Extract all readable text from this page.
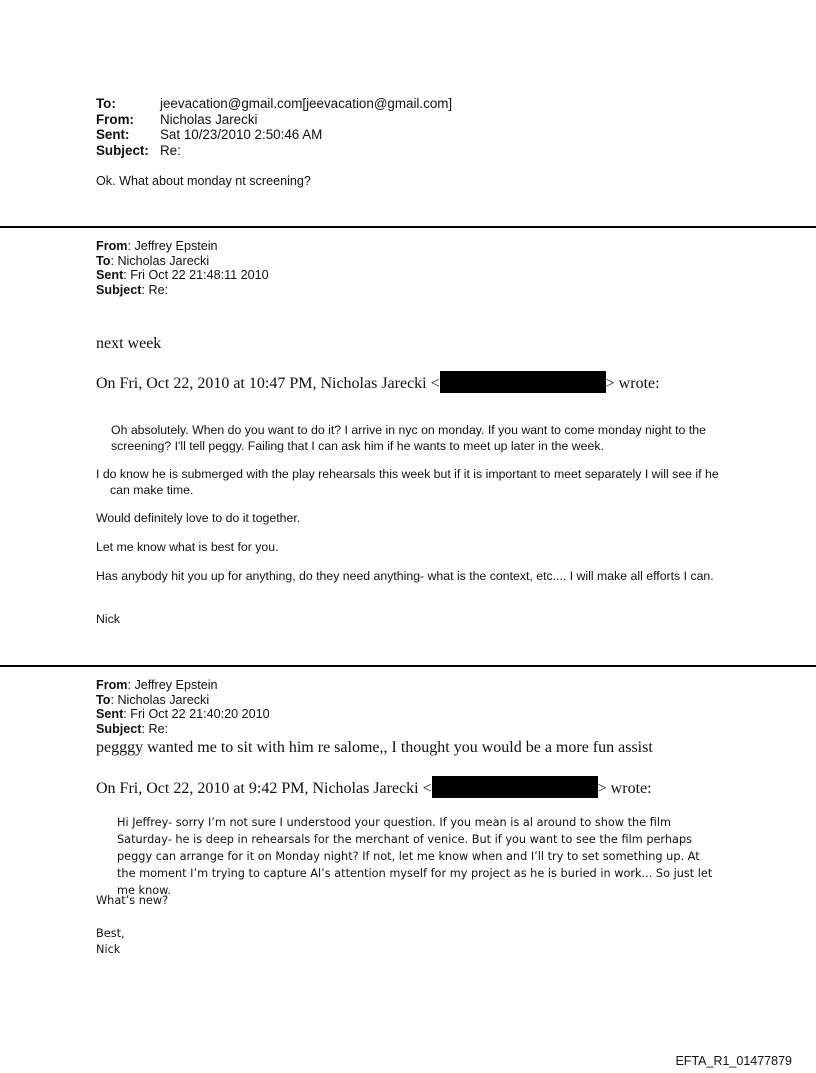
To:	jeevacation@gmail.com[jeevacation@gmail.com]
From:	Nicholas Jarecki
Sent:	Sat 10/23/2010 2:50:46 AM
Subject: Re:
Ok. What about monday nt screening?
From: Jeffrey Epstein
To: Nicholas Jarecki
Sent: Fri Oct 22 21:48:11 2010
Subject: Re:
next week
On Fri, Oct 22, 2010 at 10:47 PM, Nicholas Jarecki <	> wrote:
Oh absolutely. When do you want to do it? I arrive in nyc on monday. If you want to come monday night to the screening? I'll tell peggy. Failing that I can ask him if he wants to meet up later in the week.
I do know he is submerged with the play rehearsals this week but if it is important to meet separately I will see if he can make time.
Would definitely love to do it together.
Let me know what is best for you.
Has anybody hit you up for anything, do they need anything- what is the context, etc.... I will make all efforts I can.
Nick
From: Jeffrey Epstein
To: Nicholas Jarecki
Sent: Fri Oct 22 21:40:20 2010
Subject: Re:
pegggy wanted me to sit with him re salome,, I thought you would be a more fun assist
On Fri, Oct 22, 2010 at 9:42 PM, Nicholas Jarecki <	> wrote:
Hi Jeffrey- sorry I’m not sure I understood your question. If you mean is al around to show the film Saturday- he is deep in rehearsals for the merchant of venice. But if you want to see the film perhaps peggy can arrange for it on Monday night? If not, let me know when and I’ll try to set something up. At the moment I’m trying to capture Al’s attention myself for my project as he is buried in work... So just let me know.
What’s new?
Best,
Nick
EFTA_R1_01477879
